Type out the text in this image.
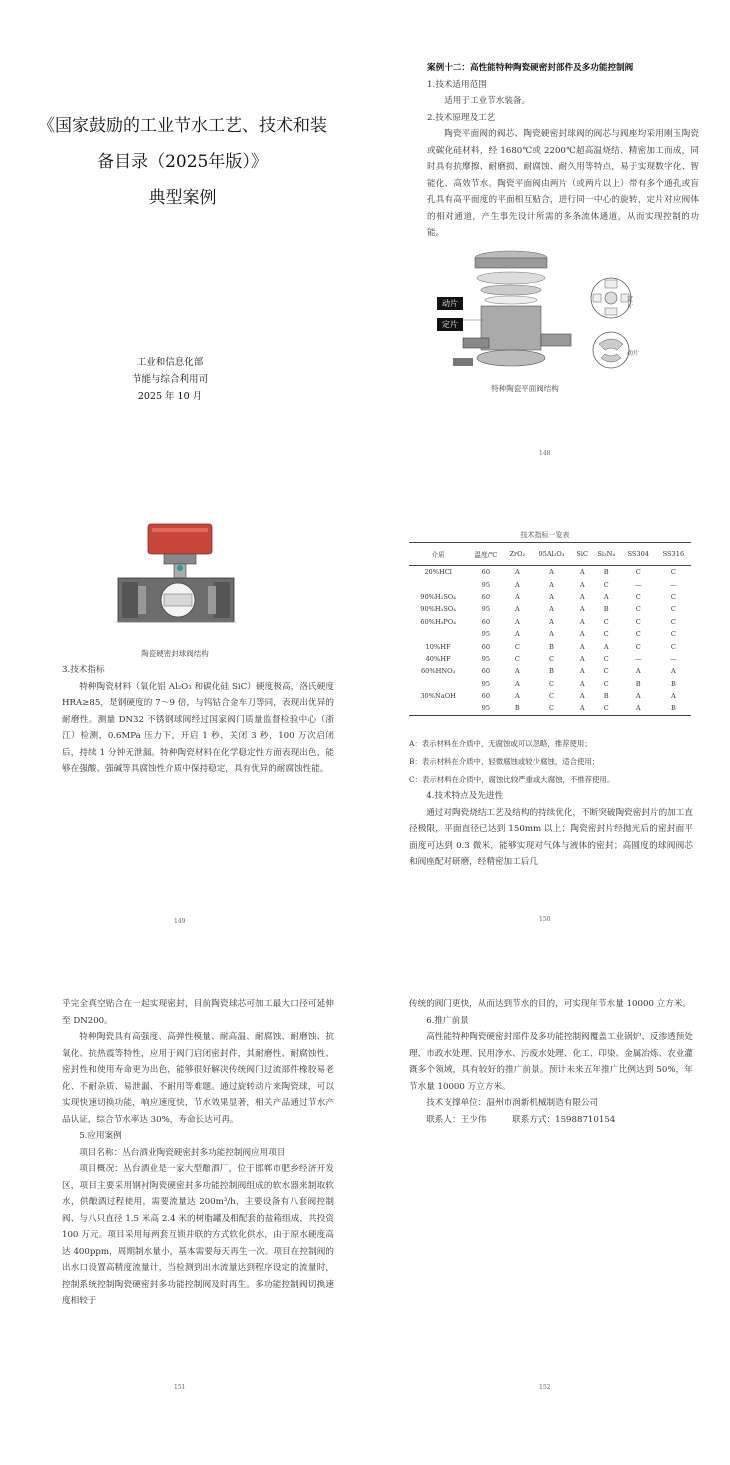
《国家鼓励的工业节水工艺、技术和装
备目录（2025年版）》
典型案例
工业和信息化部
节能与综合利用司
2025 年 10 月

案例十二：高性能特种陶瓷硬密封部件及多功能控制阀

1.技术适用范围

适用于工业节水装备。

2.技术原理及工艺

陶瓷平面阀的阀芯、陶瓷硬密封球阀的阀芯与阀座均采用刚玉陶瓷或碳化硅材料，经 1680℃或 2200℃超高温烧结、精密加工而成，同时具有抗摩擦、耐磨损、耐腐蚀、耐久用等特点，易于实现数字化、智能化、高效节水。陶瓷平面阀由两片（或两片以上）带有多个通孔或盲孔具有高平面度的平面相互贴合，进行同一中心的旋转，定片对应阀体的相对通道，产生事先设计所需的多条流体通道，从而实现控制的功能。

动片
定片
定片
动片
特种陶瓷平面阀结构
148
陶瓷硬密封球阀结构

3.技术指标

特种陶瓷材料（氧化铝 Al₂O₃ 和碳化硅 SiC）硬度极高，洛氏硬度 HRA≥85，是钢硬度的 7～9 倍，与钨钴合金车刀等同，表现出优异的耐磨性。测量 DN32 不锈钢球阀经过国家阀门质量监督检验中心（浙江）检测，0.6MPa 压力下，开启 1 秒，关闭 3 秒，100 万次启闭后，持续 1 分钟无泄漏。特种陶瓷材料在化学稳定性方面表现出色，能够在强酸、强碱等具腐蚀性介质中保持稳定，具有优异的耐腐蚀性能。

149
技术指标一览表
介质	温度/℃	ZrO₂	95Al₂O₃	SiC	Si₃N₄	SS304	SS316
20%HCl	60	A	A	A	B	C	C
	95	A	A	A	C	—	—
90%H₂SO₄	60	A	A	A	A	C	C
90%H₂SO₄	95	A	A	A	B	C	C
60%H₃PO₄	60	A	A	A	C	C	C
	95	A	A	A	C	C	C
10%HF	60	C	B	A	A	C	C
40%HF	95	C	C	A	C	—	—
60%HNO₃	60	A	B	A	C	A	A
	95	A	C	A	C	B	B
30%NaOH	60	A	C	A	B	A	A
	95	B	C	A	C	A	B
A：表示材料在介质中，无腐蚀或可以忽略，推荐使用；
B：表示材料在介质中，轻微腐蚀或较少腐蚀，适合使用；
C：表示材料在介质中，腐蚀比较严重或大腐蚀，不推荐使用。

4.技术特点及先进性

通过对陶瓷烧结工艺及结构的持续优化，不断突破陶瓷密封片的加工直径极限，平面直径已达到 150mm 以上；陶瓷密封片经抛光后的密封面平面度可达到 0.3 微米，能够实现对气体与液体的密封；高圆度的球阀阀芯和阀座配对研磨，经精密加工后几

150

乎完全真空贴合在一起实现密封，目前陶瓷球芯可加工最大口径可延伸至 DN200。

特种陶瓷具有高强度、高弹性模量、耐高温、耐腐蚀、耐磨蚀、抗氧化、抗热震等特性，应用于阀门启闭密封件，其耐磨性、耐腐蚀性、密封性和使用寿命更为出色，能够很好解决传统阀门过流部件橡胶易老化、不耐杂质、易泄漏、不耐用等难题。通过旋转动片来陶瓷球，可以实现快速切换功能，响应速度快，节水效果显著，相关产品通过节水产品认证，综合节水率达 30%，寿命长达可再。

5.应用案例

项目名称：丛台酒业陶瓷硬密封多功能控制阀应用项目

项目概况：丛台酒业是一家大型酿酒厂，位于邯郸市肥乡经济开发区，项目主要采用钢衬陶瓷硬密封多功能控制阀组成的软水器来制取软水，供酿酒过程使用，需要流量达 200m³/h，主要设备有八套阀控制阀、与八只直径 1.5 米高 2.4 米的树脂罐及相配套的盐箱组成，共投资 100 万元。项目采用每两套互锁并联的方式软化供水，由于原水硬度高达 400ppm，周期制水量小，基本需要每天再生一次。项目在控制阀的出水口设置高精度流量计，当检测到出水流量达到程序设定的流量时，控制系统控制陶瓷硬密封多功能控制阀及时再生。多功能控制阀切换速度相较于

151

传统的阀门更快，从而达到节水的目的，可实现年节水量 10000 立方米。

6.推广前景

高性能特种陶瓷硬密封部件及多功能控制阀覆盖工业锅炉、反渗透预处理、市政水处理、民用净水、污废水处理、化工、印染、金属冶炼、农业灌溉多个领域，具有较好的推广前景。预计未来五年推广比例达到 50%，年节水量 10000 万立方米。

技术支撑单位：温州市润新机械制造有限公司

联系人：王少伟　　　	联系方式：15988710154

152
